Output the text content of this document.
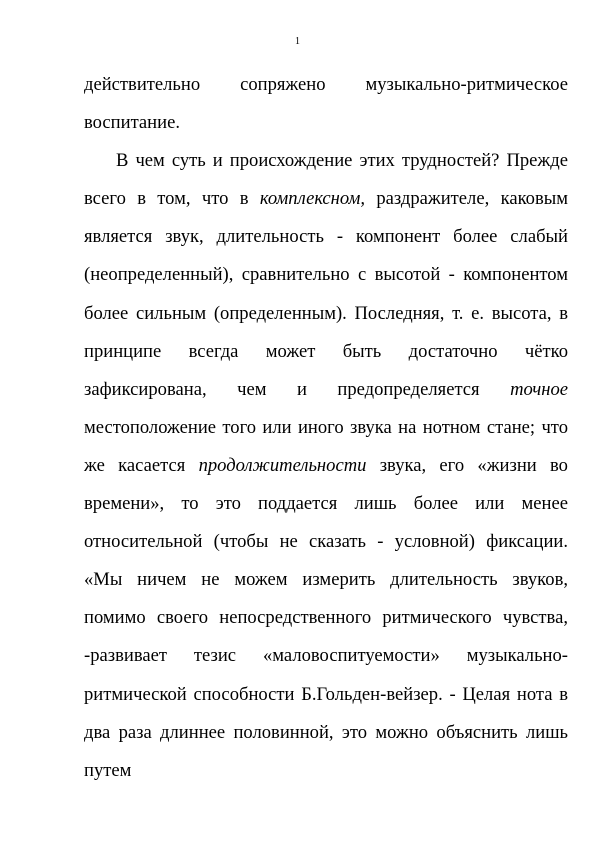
1

действительно сопряжено музыкально-ритмическое воспитание.

В чем суть и происхождение этих трудностей? Прежде всего в том, что в комплексном, раздражителе, каковым является звук, длительность - компонент более слабый (неопределенный), сравнительно с высотой - компонентом более сильным (определенным). Последняя, т. е. высота, в принципе всегда может быть достаточно чётко зафиксирована, чем и предопределяется точное местоположение того или иного звука на нотном стане; что же касается продолжительности звука, его «жизни во времени», то это поддается лишь более или менее относительной (чтобы не сказать - условной) фиксации. «Мы ничем не можем измерить длительность звуков, помимо своего непосредственного ритмического чувства, -развивает тезис «маловоспитуемости» музыкально-ритмической способности Б.Гольден-вейзер. - Целая нота в два раза длиннее половинной, это можно объяснить лишь путем
